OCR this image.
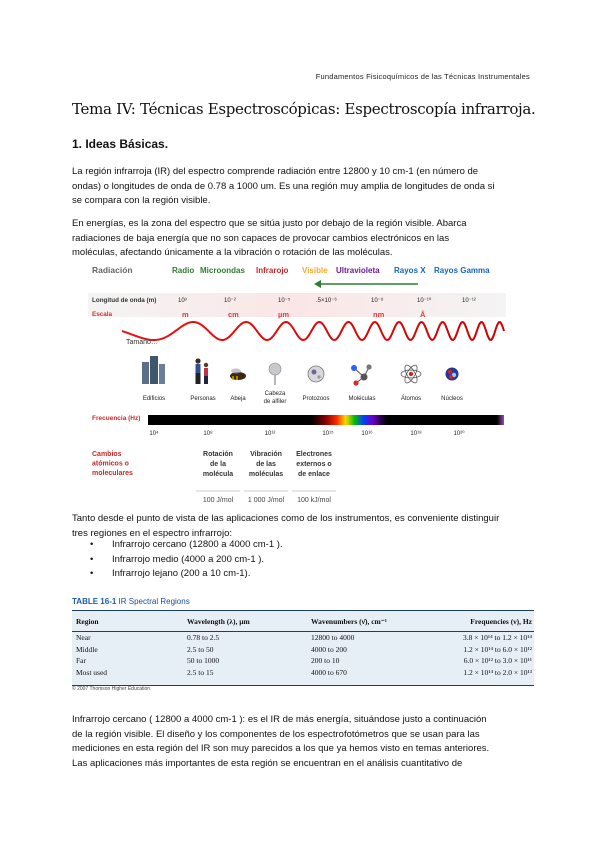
Fundamentos Fisicoquímicos de las Técnicas Instrumentales
Tema IV: Técnicas Espectroscópicas: Espectroscopía infrarroja.
1. Ideas Básicas.
La región infrarroja (IR) del espectro comprende radiación entre 12800 y 10 cm-1 (en número de
ondas) o longitudes de onda de 0.78 a 1000 um. Es una región muy amplia de longitudes de onda si
se compara con la región visible.
En energías, es la zona del espectro que se sitúa justo por debajo de la región visible. Abarca
radiaciones de baja energía que no son capaces de provocar cambios electrónicos en las
moléculas, afectando únicamente a la vibración o rotación de las moléculas.
Radiación	Radio Microondas Infrarojo Visible Ultravioleta Rayos X Rayos Gamma
Longitud de onda (m)	10³	10⁻²	10⁻⁵	.5×10⁻⁶	10⁻⁸	10⁻¹⁰	10⁻¹²
Escala	m	cm	µm	nm	Å
Tamaño…
Edificios	Personas Abeja
Cabeza
de alfiler	Protozoos	Moléculas	Átomos	Núcleos
Frecuencia (Hz)
10⁴	10⁸	10¹²	10¹⁵	10¹⁶	10¹⁸	10²⁰
Cambios
atómicos o
moleculares
Rotación
de la
molécula
100 J/mol
Vibración
de las
moléculas
1 000 J/mol
Electrones
externos o
de enlace
100 kJ/mol
Tanto desde el punto de vista de las aplicaciones como de los instrumentos, es conveniente distinguir
tres regiones en el espectro infrarrojo:
• Infrarrojo cercano (12800 a 4000 cm-1 ).
• Infrarrojo medio (4000 a 200 cm-1 ).
• Infrarrojo lejano (200 a 10 cm-1).
TABLE 16-1 IR Spectral Regions
Region	Wavelength (λ), µm	Wavenumbers (ν̄), cm⁻¹	Frequencies (ν), Hz
Near	0.78 to 2.5	12800 to 4000	3.8 × 10¹⁴ to 1.2 × 10¹⁴
Middle	2.5 to 50	4000 to 200	1.2 × 10¹⁴ to 6.0 × 10¹²
Far	50 to 1000	200 to 10	6.0 × 10¹² to 3.0 × 10¹¹
Most used	2.5 to 15	4000 to 670	1.2 × 10¹⁴ to 2.0 × 10¹³
© 2007 Thomson Higher Education
Infrarrojo cercano ( 12800 a 4000 cm-1 ): es el IR de más energía, situándose justo a continuación
de la región visible. El diseño y los componentes de los espectrofotómetros que se usan para las
mediciones en esta región del IR son muy parecidos a los que ya hemos visto en temas anteriores.
Las aplicaciones más importantes de esta región se encuentran en el análisis cuantitativo de
